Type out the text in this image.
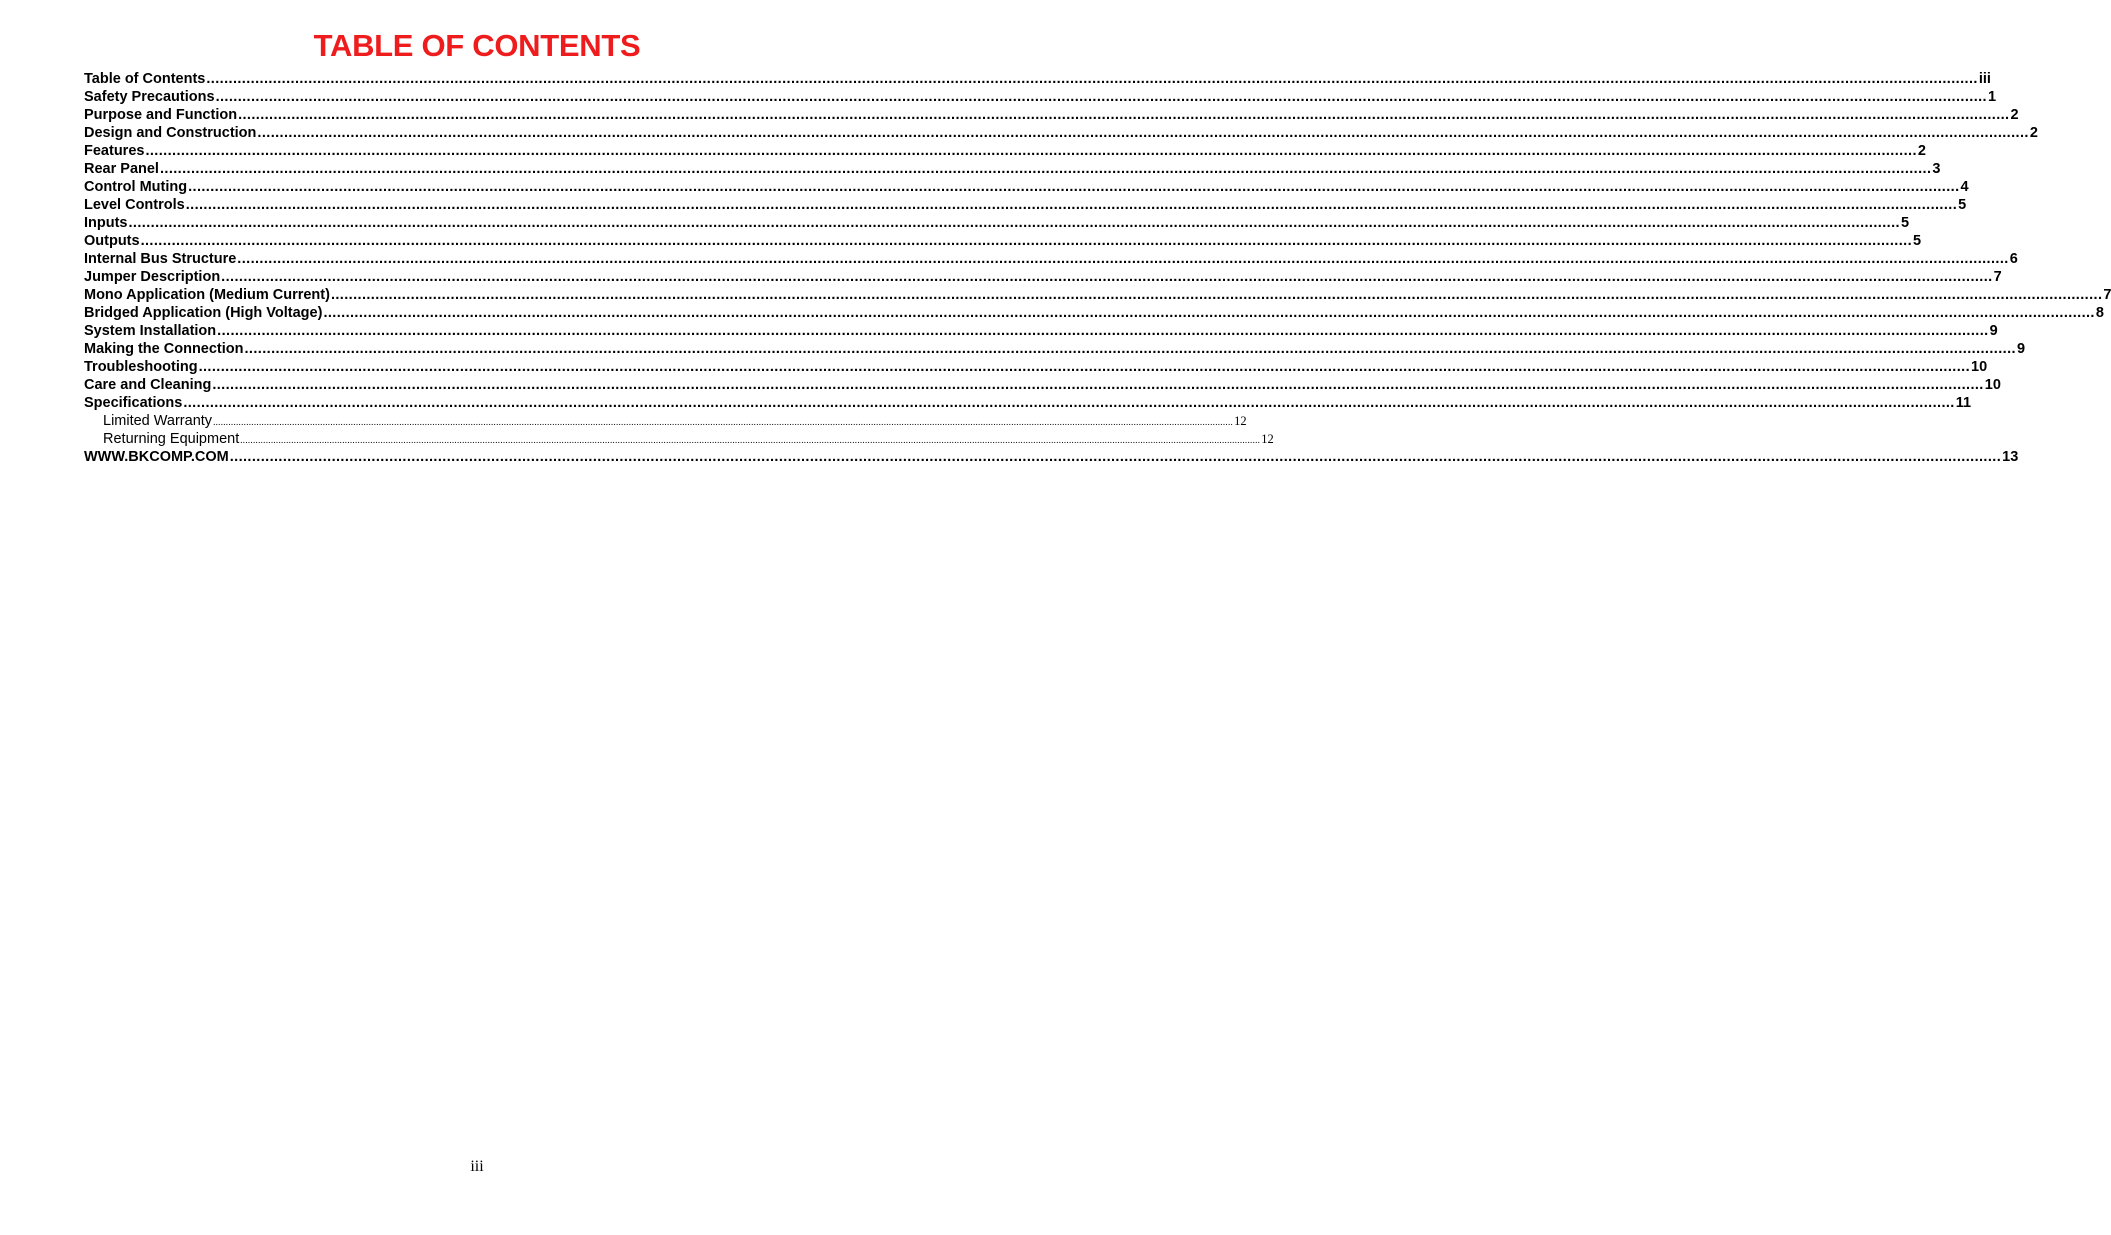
TABLE OF CONTENTS
Table of Contents ................................................................................................................................................................................................................................................................................................................................................................................................................ iii
Safety Precautions ................................................................................................................................................................................................................................................................................................................................................................................................................ 1
Purpose and Function ................................................................................................................................................................................................................................................................................................................................................................................................................ 2
Design and Construction ................................................................................................................................................................................................................................................................................................................................................................................................................ 2
Features ................................................................................................................................................................................................................................................................................................................................................................................................................ 2
Rear Panel ................................................................................................................................................................................................................................................................................................................................................................................................................ 3
Control Muting ................................................................................................................................................................................................................................................................................................................................................................................................................ 4
Level Controls ................................................................................................................................................................................................................................................................................................................................................................................................................ 5
Inputs ................................................................................................................................................................................................................................................................................................................................................................................................................ 5
Outputs ................................................................................................................................................................................................................................................................................................................................................................................................................ 5
Internal Bus Structure ................................................................................................................................................................................................................................................................................................................................................................................................................ 6
Jumper Description ................................................................................................................................................................................................................................................................................................................................................................................................................ 7
Mono Application (Medium Current) ................................................................................................................................................................................................................................................................................................................................................................................................................ 7
Bridged Application (High Voltage) ................................................................................................................................................................................................................................................................................................................................................................................................................ 8
System Installation ................................................................................................................................................................................................................................................................................................................................................................................................................ 9
Making the Connection ................................................................................................................................................................................................................................................................................................................................................................................................................ 9
Troubleshooting ................................................................................................................................................................................................................................................................................................................................................................................................................ 10
Care and Cleaning ................................................................................................................................................................................................................................................................................................................................................................................................................ 10
Specifications ................................................................................................................................................................................................................................................................................................................................................................................................................ 11
Limited Warranty ................................................................................................................................................................................................................................................................................................................................................................................................................ 12
Returning Equipment ................................................................................................................................................................................................................................................................................................................................................................................................................ 12
WWW.BKCOMP.COM ................................................................................................................................................................................................................................................................................................................................................................................................................ 13
iii
